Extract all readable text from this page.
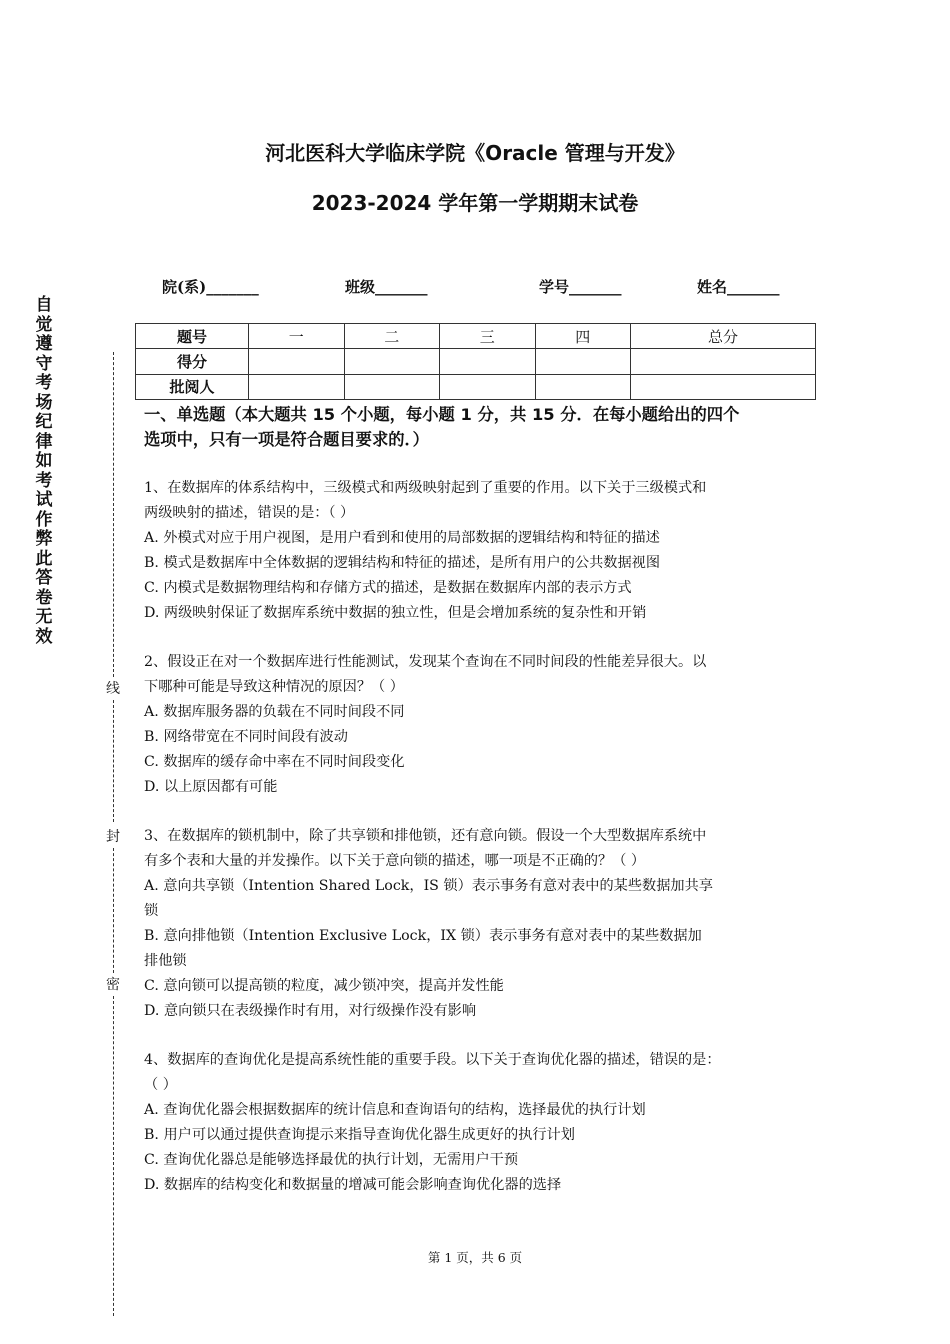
河北医科大学临床学院《Oracle 管理与开发》
2023-2024 学年第一学期期末试卷
院(系)_______	班级_______	学号_______	姓名_______
题号	一	二	三	四	总分
得分					
批阅人					
自觉遵守考场纪律如考试作弊此答卷无效
线
封
密
一、单选题（本大题共 15 个小题，每小题 1 分，共 15 分．在每小题给出的四个
选项中，只有一项是符合题目要求的．）
1、在数据库的体系结构中，三级模式和两级映射起到了重要的作用。以下关于三级模式和
两级映射的描述，错误的是：（ ）
A. 外模式对应于用户视图，是用户看到和使用的局部数据的逻辑结构和特征的描述
B. 模式是数据库中全体数据的逻辑结构和特征的描述，是所有用户的公共数据视图
C. 内模式是数据物理结构和存储方式的描述，是数据在数据库内部的表示方式
D. 两级映射保证了数据库系统中数据的独立性，但是会增加系统的复杂性和开销
2、假设正在对一个数据库进行性能测试，发现某个查询在不同时间段的性能差异很大。以
下哪种可能是导致这种情况的原因？（ ）
A. 数据库服务器的负载在不同时间段不同
B. 网络带宽在不同时间段有波动
C. 数据库的缓存命中率在不同时间段变化
D. 以上原因都有可能
3、在数据库的锁机制中，除了共享锁和排他锁，还有意向锁。假设一个大型数据库系统中
有多个表和大量的并发操作。以下关于意向锁的描述，哪一项是不正确的？（ ）
A. 意向共享锁（Intention Shared Lock，IS 锁）表示事务有意对表中的某些数据加共享
锁
B. 意向排他锁（Intention Exclusive Lock，IX 锁）表示事务有意对表中的某些数据加
排他锁
C. 意向锁可以提高锁的粒度，减少锁冲突，提高并发性能
D. 意向锁只在表级操作时有用，对行级操作没有影响
4、数据库的查询优化是提高系统性能的重要手段。以下关于查询优化器的描述，错误的是：
（ ）
A. 查询优化器会根据数据库的统计信息和查询语句的结构，选择最优的执行计划
B. 用户可以通过提供查询提示来指导查询优化器生成更好的执行计划
C. 查询优化器总是能够选择最优的执行计划，无需用户干预
D. 数据库的结构变化和数据量的增减可能会影响查询优化器的选择
第 1 页，共 6 页
